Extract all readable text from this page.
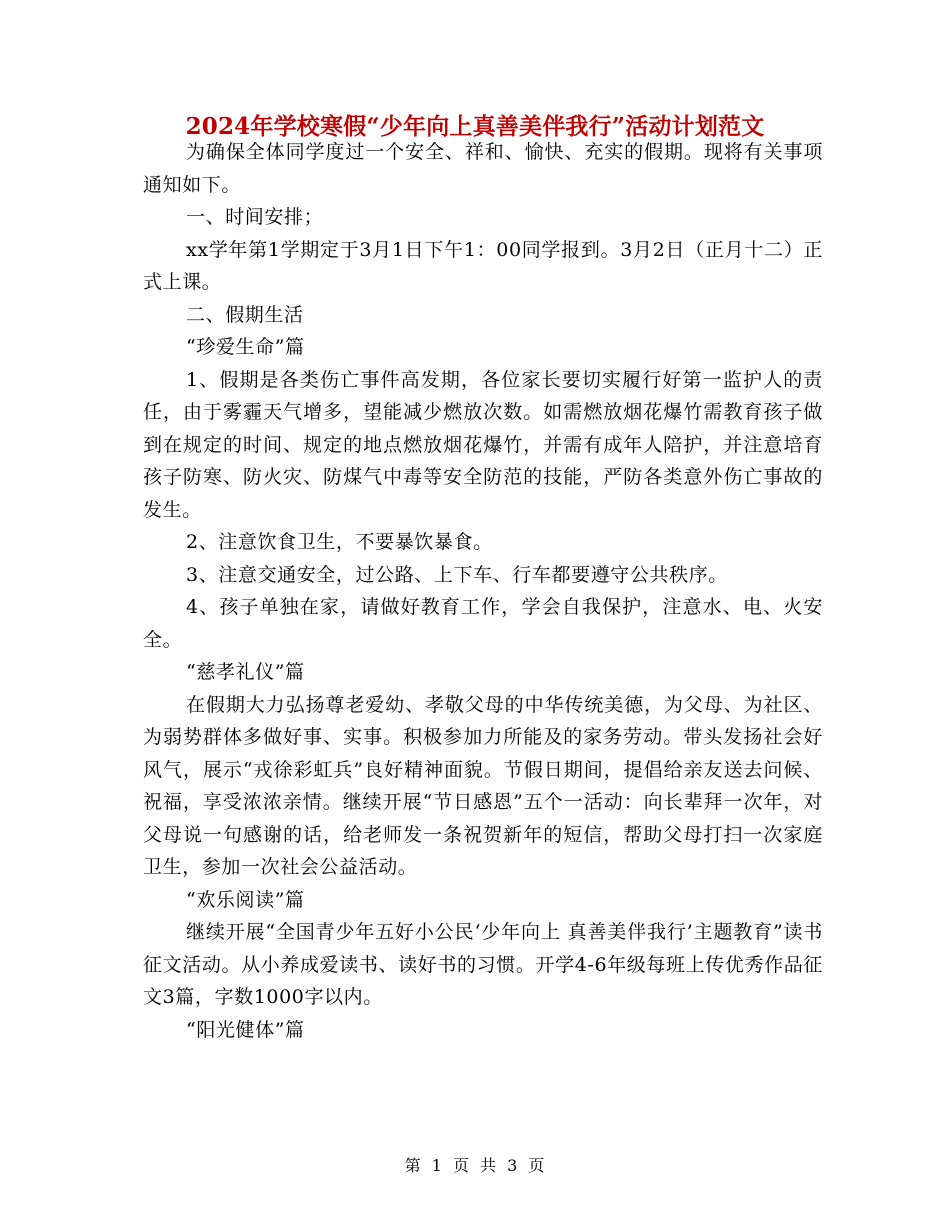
2024年学校寒假“少年向上真善美伴我行”活动计划范文

为确保全体同学度过一个安全、祥和、愉快、充实的假期。现将有关事项通知如下。

一、时间安排；

xx学年第1学期定于3月1日下午1：00同学报到。3月2日（正月十二）正式上课。

二、假期生活

“珍爱生命”篇

1、假期是各类伤亡事件高发期，各位家长要切实履行好第一监护人的责任，由于雾霾天气增多，望能减少燃放次数。如需燃放烟花爆竹需教育孩子做到在规定的时间、规定的地点燃放烟花爆竹，并需有成年人陪护，并注意培育孩子防寒、防火灾、防煤气中毒等安全防范的技能，严防各类意外伤亡事故的发生。

2、注意饮食卫生，不要暴饮暴食。

3、注意交通安全，过公路、上下车、行车都要遵守公共秩序。

4、孩子单独在家，请做好教育工作，学会自我保护，注意水、电、火安全。

“慈孝礼仪”篇

在假期大力弘扬尊老爱幼、孝敬父母的中华传统美德，为父母、为社区、为弱势群体多做好事、实事。积极参加力所能及的家务劳动。带头发扬社会好风气，展示“戎徐彩虹兵”良好精神面貌。节假日期间，提倡给亲友送去问候、祝福，享受浓浓亲情。继续开展“节日感恩”五个一活动：向长辈拜一次年，对父母说一句感谢的话，给老师发一条祝贺新年的短信，帮助父母打扫一次家庭卫生，参加一次社会公益活动。

“欢乐阅读”篇

继续开展“全国青少年五好小公民‘少年向上 真善美伴我行’主题教育”读书征文活动。从小养成爱读书、读好书的习惯。开学4-6年级每班上传优秀作品征文3篇，字数1000字以内。

“阳光健体”篇

第 1 页 共 3 页
